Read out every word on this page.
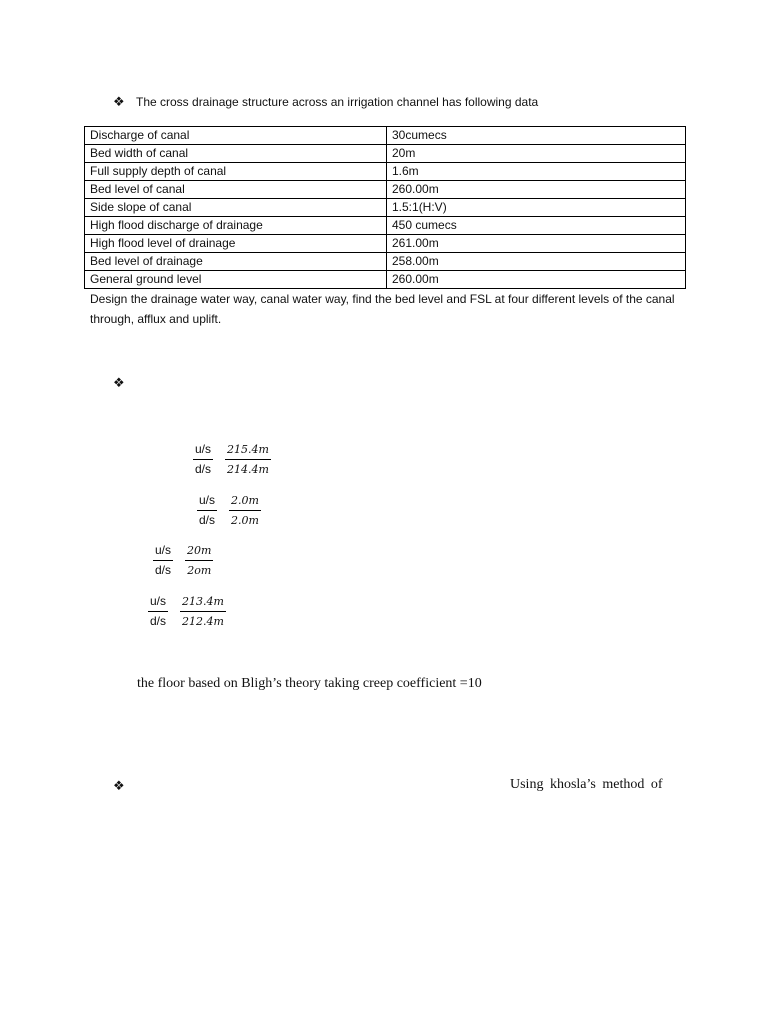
❖ The cross drainage structure across an irrigation channel has following data
Discharge of canal	30cumecs
Bed width of canal	20m
Full supply depth of canal	1.6m
Bed level of canal	260.00m
Side slope of canal	1.5:1(H:V)
High flood discharge of drainage	450 cumecs
High flood level of drainage	261.00m
Bed level of drainage	258.00m
General ground level	260.00m
Design the drainage water way, canal water way, find the bed level and FSL at four different levels of the canal through, afflux and uplift.
❖
$\frac{u/s}{d/s} \frac{215.4m}{214.4m}$
$\frac{u/s}{d/s} \frac{2.0m}{2.0m}$
$\frac{u/s}{d/s} \frac{20m}{2om}$
$\frac{u/s}{d/s} \frac{213.4m}{212.4m}$
the floor based on Bligh’s theory taking creep coefficient =10
❖	Using khosla’s method of
